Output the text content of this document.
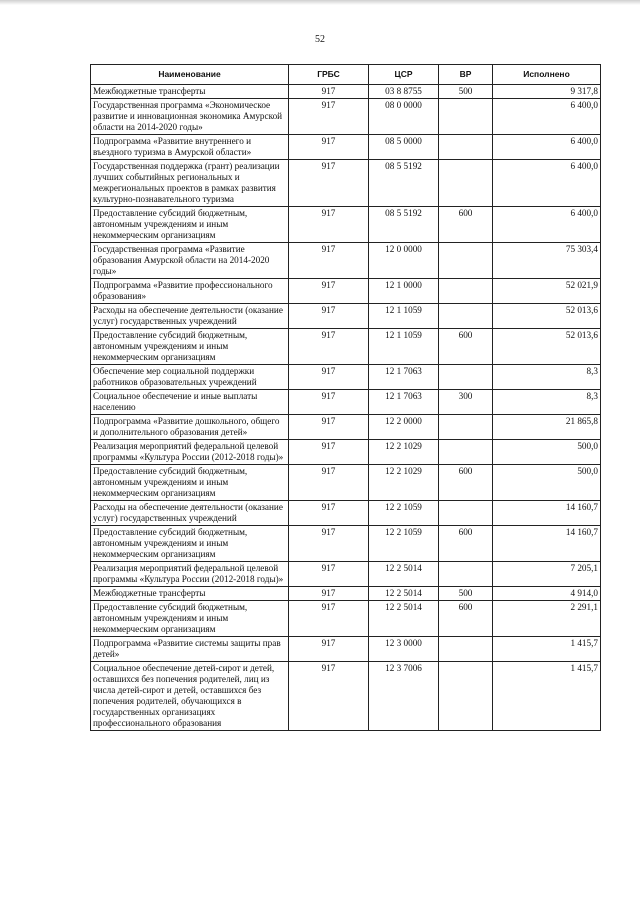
52
Наименование	ГРБС	ЦСР	ВР	Исполнено
Межбюджетные трансферты	917	03 8 8755	500	9 317,8
Государственная программа «Экономическое развитие и инновационная экономика Амурской области на 2014-2020 годы»	917	08 0 0000		6 400,0
Подпрограмма «Развитие внутреннего и въездного туризма в Амурской области»	917	08 5 0000		6 400,0
Государственная поддержка (грант) реализации лучших событийных региональных и межрегиональных проектов в рамках развития культурно-познавательного туризма	917	08 5 5192		6 400,0
Предоставление субсидий бюджетным, автономным учреждениям и иным некоммерческим организациям	917	08 5 5192	600	6 400,0
Государственная программа «Развитие образования Амурской области на 2014-2020 годы»	917	12 0 0000		75 303,4
Подпрограмма «Развитие профессионального образования»	917	12 1 0000		52 021,9
Расходы на обеспечение деятельности (оказание услуг) государственных учреждений	917	12 1 1059		52 013,6
Предоставление субсидий бюджетным, автономным учреждениям и иным некоммерческим организациям	917	12 1 1059	600	52 013,6
Обеспечение мер социальной поддержки работников образовательных учреждений	917	12 1 7063		8,3
Социальное обеспечение и иные выплаты населению	917	12 1 7063	300	8,3
Подпрограмма «Развитие дошкольного, общего и дополнительного образования детей»	917	12 2 0000		21 865,8
Реализация мероприятий федеральной целевой программы «Культура России (2012-2018 годы)»	917	12 2 1029		500,0
Предоставление субсидий бюджетным, автономным учреждениям и иным некоммерческим организациям	917	12 2 1029	600	500,0
Расходы на обеспечение деятельности (оказание услуг) государственных учреждений	917	12 2 1059		14 160,7
Предоставление субсидий бюджетным, автономным учреждениям и иным некоммерческим организациям	917	12 2 1059	600	14 160,7
Реализация мероприятий федеральной целевой программы «Культура России (2012-2018 годы)»	917	12 2 5014		7 205,1
Межбюджетные трансферты	917	12 2 5014	500	4 914,0
Предоставление субсидий бюджетным, автономным учреждениям и иным некоммерческим организациям	917	12 2 5014	600	2 291,1
Подпрограмма «Развитие системы защиты прав детей»	917	12 3 0000		1 415,7
Социальное обеспечение детей-сирот и детей, оставшихся без попечения родителей, лиц из числа детей-сирот и детей, оставшихся без попечения родителей, обучающихся в государственных организациях профессионального образования	917	12 3 7006		1 415,7
